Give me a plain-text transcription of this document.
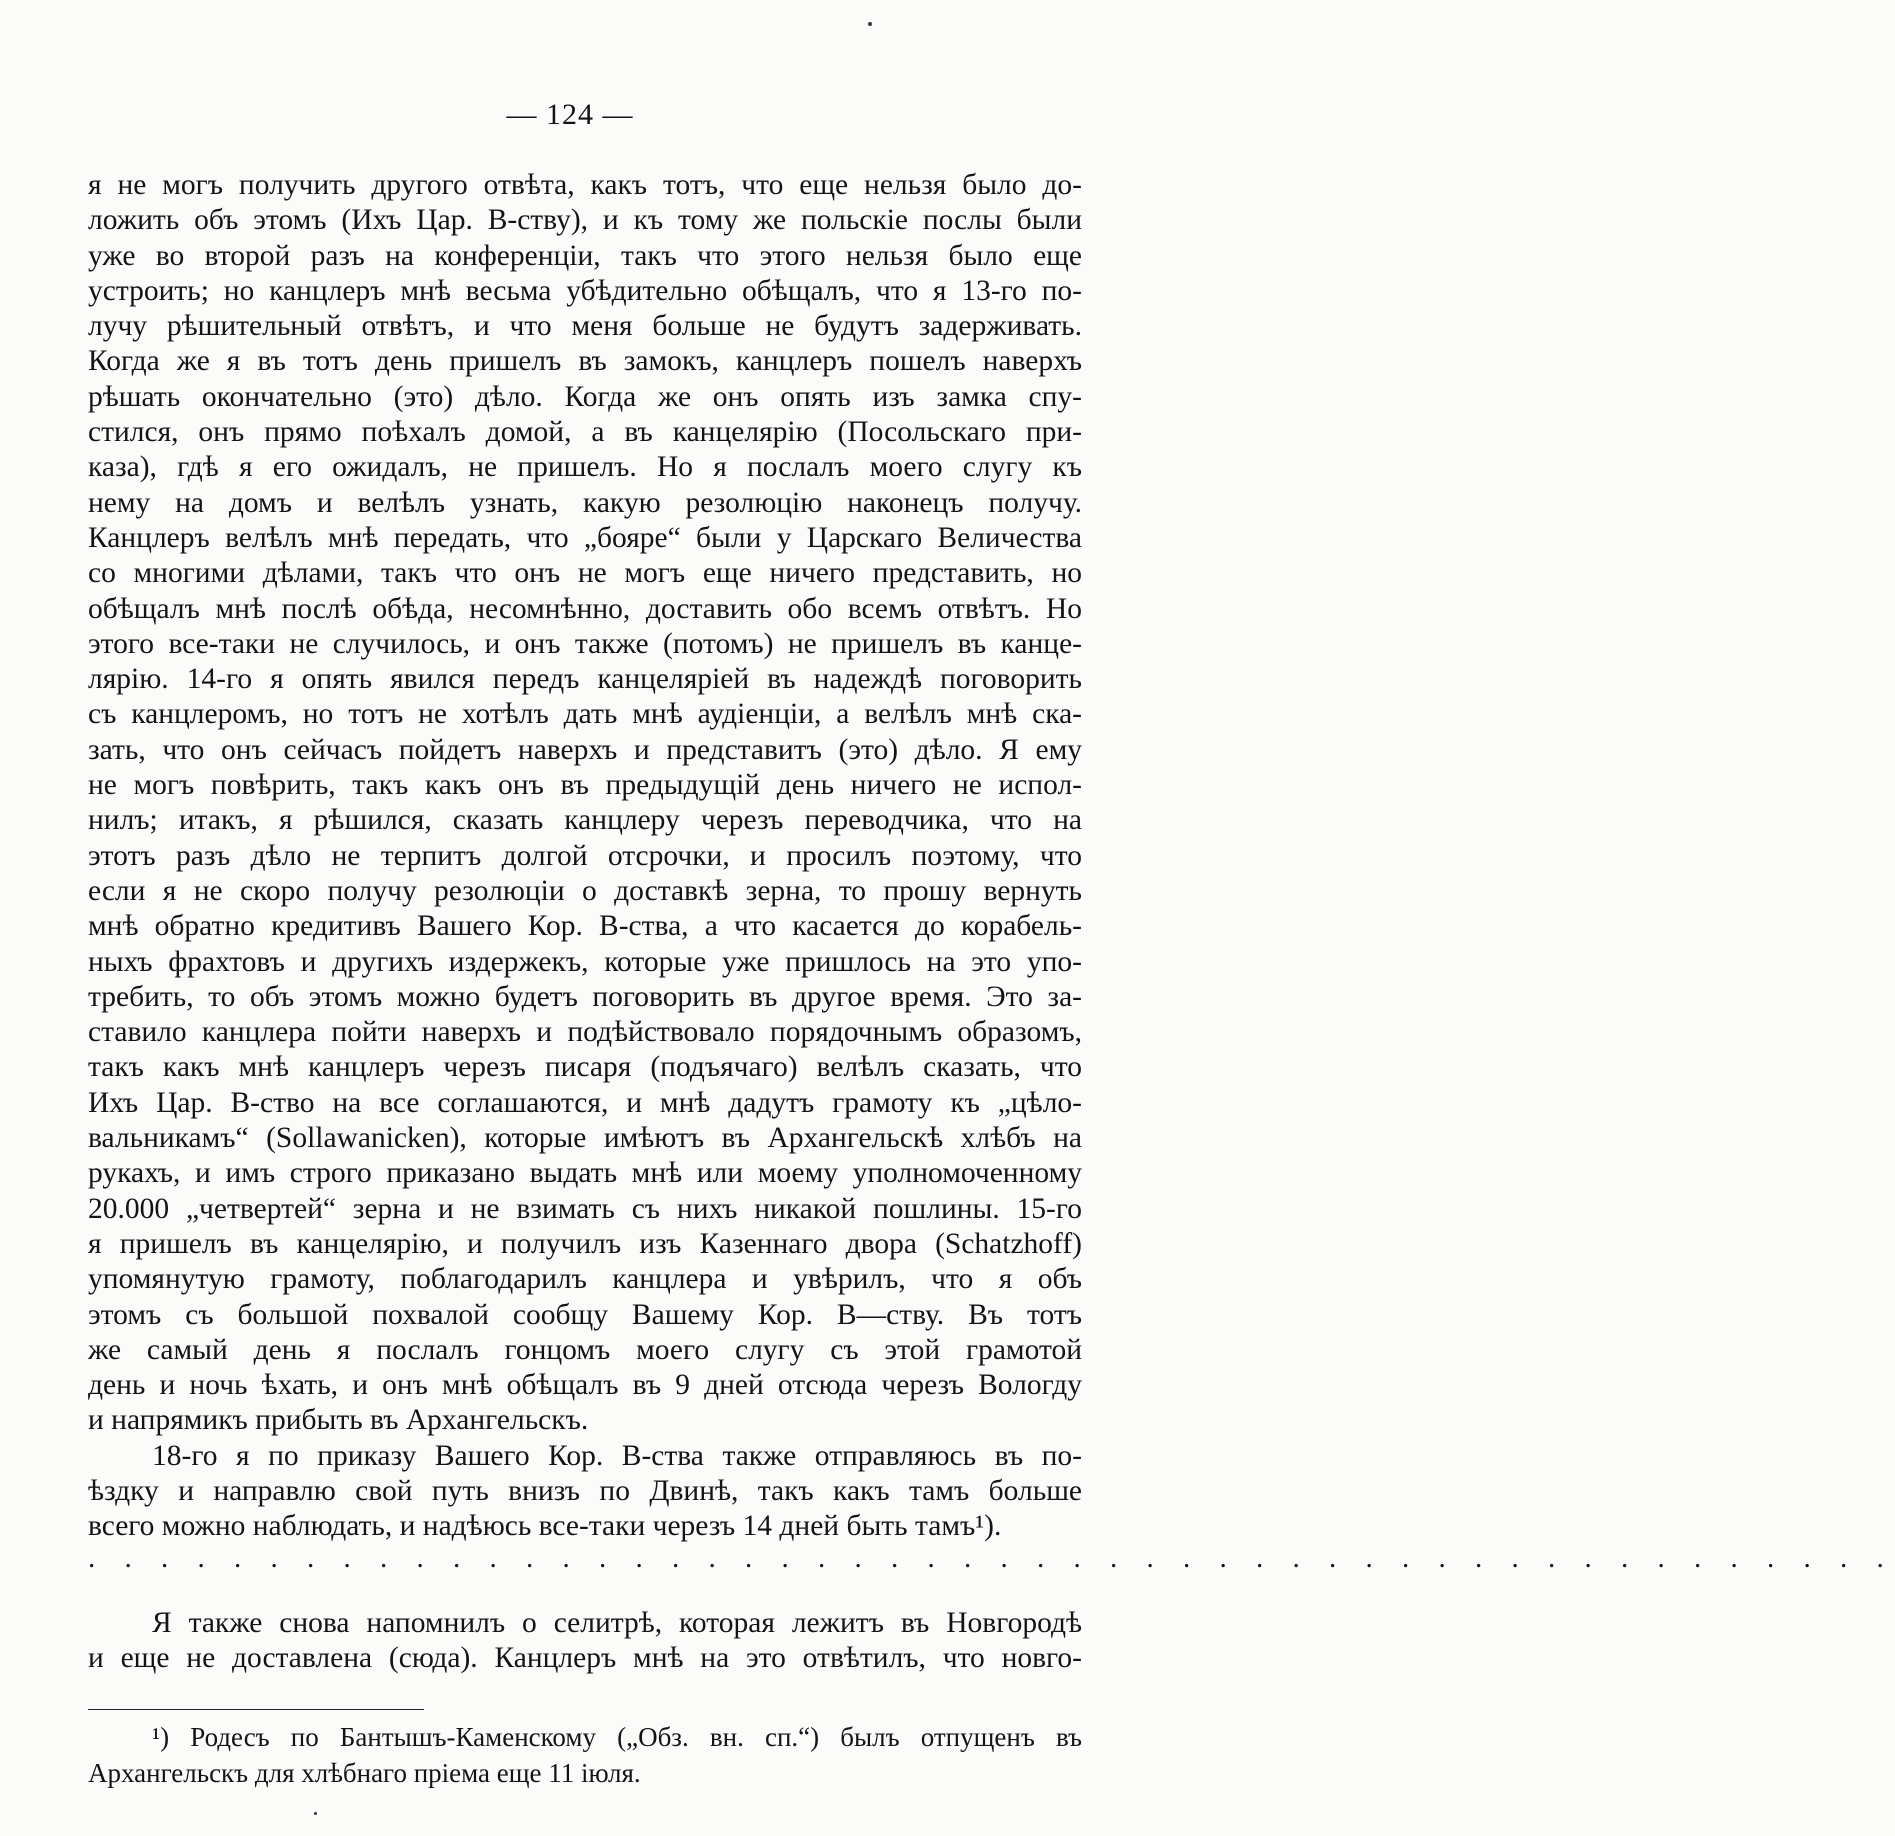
— 124 —
я не могъ получить другого отвѣта, какъ тотъ, что еще нельзя было до-
ложить объ этомъ (Ихъ Цар. В-ству), и къ тому же польскіе послы были
уже во второй разъ на конференціи, такъ что этого нельзя было еще
устроить; но канцлеръ мнѣ весьма убѣдительно обѣщалъ, что я 13-го по-
лучу рѣшительный отвѣтъ, и что меня больше не будутъ задерживать.
Когда же я въ тотъ день пришелъ въ замокъ, канцлеръ пошелъ наверхъ
рѣшать окончательно (это) дѣло. Когда же онъ опять изъ замка спу-
стился, онъ прямо поѣхалъ домой, а въ канцелярію (Посольскаго при-
каза), гдѣ я его ожидалъ, не пришелъ. Но я послалъ моего слугу къ
нему на домъ и велѣлъ узнать, какую резолюцію наконецъ получу.
Канцлеръ велѣлъ мнѣ передать, что „бояре“ были у Царскаго Величества
со многими дѣлами, такъ что онъ не могъ еще ничего представить, но
обѣщалъ мнѣ послѣ обѣда, несомнѣнно, доставить обо всемъ отвѣтъ. Но
этого все-таки не случилось, и онъ также (потомъ) не пришелъ въ канце-
лярію. 14-го я опять явился передъ канцеляріей въ надеждѣ поговорить
съ канцлеромъ, но тотъ не хотѣлъ дать мнѣ аудіенціи, а велѣлъ мнѣ ска-
зать, что онъ сейчасъ пойдетъ наверхъ и представитъ (это) дѣло. Я ему
не могъ повѣрить, такъ какъ онъ въ предыдущій день ничего не испол-
нилъ; итакъ, я рѣшился, сказать канцлеру черезъ переводчика, что на
этотъ разъ дѣло не терпитъ долгой отсрочки, и просилъ поэтому, что
если я не скоро получу резолюціи о доставкѣ зерна, то прошу вернуть
мнѣ обратно кредитивъ Вашего Кор. В-ства, а что касается до корабель-
ныхъ фрахтовъ и другихъ издержекъ, которые уже пришлось на это упо-
требить, то объ этомъ можно будетъ поговорить въ другое время. Это за-
ставило канцлера пойти наверхъ и подѣйствовало порядочнымъ образомъ,
такъ какъ мнѣ канцлеръ черезъ писаря (подъячаго) велѣлъ сказать, что
Ихъ Цар. В-ство на все соглашаются, и мнѣ дадутъ грамоту къ „цѣло-
вальникамъ“ (Sollawanicken), которые имѣютъ въ Архангельскѣ хлѣбъ на
рукахъ, и имъ строго приказано выдать мнѣ или моему уполномоченному
20.000 „четвертей“ зерна и не взимать съ нихъ никакой пошлины. 15-го
я пришелъ въ канцелярію, и получилъ изъ Казеннаго двора (Schatzhoff)
упомянутую грамоту, поблагодарилъ канцлера и увѣрилъ, что я объ
этомъ съ большой похвалой сообщу Вашему Кор. В—ству. Въ тотъ
же самый день я послалъ гонцомъ моего слугу съ этой грамотой
день и ночь ѣхать, и онъ мнѣ обѣщалъ въ 9 дней отсюда черезъ Вологду
и напрямикъ прибыть въ Архангельскъ.
18-го я по приказу Вашего Кор. В-ства также отправляюсь въ по-
ѣздку и направлю свой путь внизъ по Двинѣ, такъ какъ тамъ больше
всего можно наблюдать, и надѣюсь все-таки черезъ 14 дней быть тамъ¹).
. . . . . . . . . . . . . . . . . . . . . . . . . . . . . . . . . . . . . . . . . . . . . . . . . .
Я также снова напомнилъ о селитрѣ, которая лежитъ въ Новгородѣ
и еще не доставлена (сюда). Канцлеръ мнѣ на это отвѣтилъ, что новго-
¹) Родесъ по Бантышъ-Каменскому („Обз. вн. сп.“) былъ отпущенъ въ
Архангельскъ для хлѣбнаго пріема еще 11 іюля.
